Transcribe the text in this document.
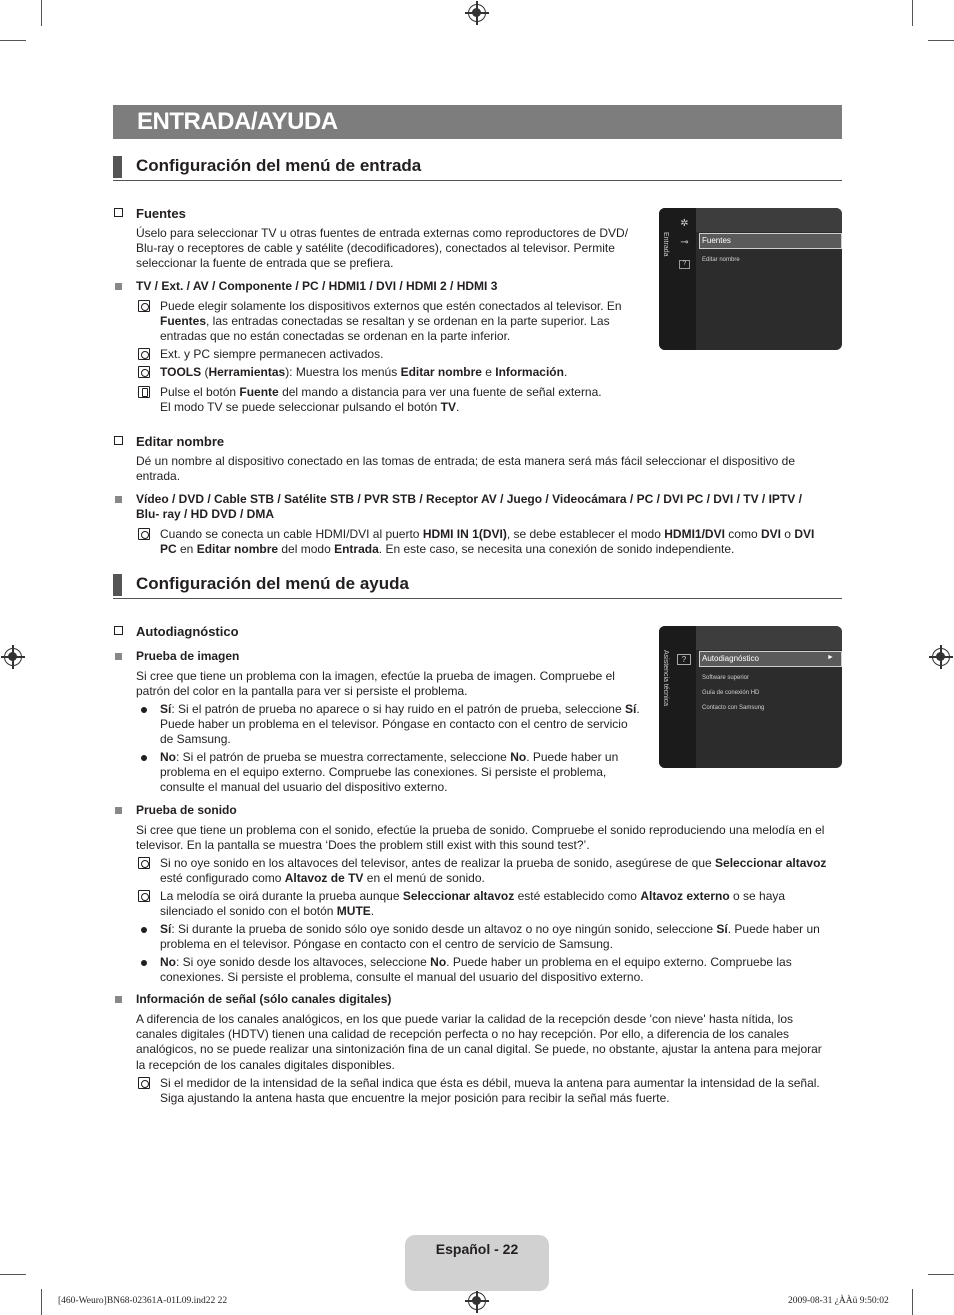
ENTRADA/AYUDA
Configuración del menú de entrada
Fuentes
Úselo para seleccionar TV u otras fuentes de entrada externas como reproductores de DVD/
Blu-ray o receptores de cable y satélite (decodificadores), conectados al televisor. Permite
seleccionar la fuente de entrada que se prefiera.
TV / Ext. / AV / Componente / PC / HDMI1 / DVI / HDMI 2 / HDMI 3
Puede elegir solamente los dispositivos externos que estén conectados al televisor. En
Fuentes, las entradas conectadas se resaltan y se ordenan en la parte superior. Las
entradas que no están conectadas se ordenan en la parte inferior.
Ext. y PC siempre permanecen activados.
TOOLS (Herramientas): Muestra los menús Editar nombre e Información.
Pulse el botón Fuente del mando a distancia para ver una fuente de señal externa.
El modo TV se puede seleccionar pulsando el botón TV.
✲
⊸
?
Entrada	Fuentes
Editar nombre
Editar nombre
Dé un nombre al dispositivo conectado en las tomas de entrada; de esta manera será más fácil seleccionar el dispositivo de
entrada.
Vídeo / DVD / Cable STB / Satélite STB / PVR STB / Receptor AV / Juego / Videocámara / PC / DVI PC / DVI / TV / IPTV /
Blu- ray / HD DVD / DMA
Cuando se conecta un cable HDMI/DVI al puerto HDMI IN 1(DVI), se debe establecer el modo HDMI1/DVI como DVI o DVI
PC en Editar nombre del modo Entrada. En este caso, se necesita una conexión de sonido independiente.
Configuración del menú de ayuda
Autodiagnóstico
Prueba de imagen
Si cree que tiene un problema con la imagen, efectúe la prueba de imagen. Compruebe el
patrón del color en la pantalla para ver si persiste el problema.
Sí: Si el patrón de prueba no aparece o si hay ruido en el patrón de prueba, seleccione Sí.
Puede haber un problema en el televisor. Póngase en contacto con el centro de servicio
de Samsung.
No: Si el patrón de prueba se muestra correctamente, seleccione No. Puede haber un
problema en el equipo externo. Compruebe las conexiones. Si persiste el problema,
consulte el manual del usuario del dispositivo externo.
?
Asistencia técnica	Autodiagnóstico	►
Software superior
Guía de conexión HD
Contacto con Samsung
Prueba de sonido
Si cree que tiene un problema con el sonido, efectúe la prueba de sonido. Compruebe el sonido reproduciendo una melodía en el
televisor. En la pantalla se muestra ‘Does the problem still exist with this sound test?’.
Si no oye sonido en los altavoces del televisor, antes de realizar la prueba de sonido, asegúrese de que Seleccionar altavoz
esté configurado como Altavoz de TV en el menú de sonido.
La melodía se oirá durante la prueba aunque Seleccionar altavoz esté establecido como Altavoz externo o se haya
silenciado el sonido con el botón MUTE.
Sí: Si durante la prueba de sonido sólo oye sonido desde un altavoz o no oye ningún sonido, seleccione Sí. Puede haber un
problema en el televisor. Póngase en contacto con el centro de servicio de Samsung.
No: Si oye sonido desde los altavoces, seleccione No. Puede haber un problema en el equipo externo. Compruebe las
conexiones. Si persiste el problema, consulte el manual del usuario del dispositivo externo.
Información de señal (sólo canales digitales)
A diferencia de los canales analógicos, en los que puede variar la calidad de la recepción desde 'con nieve' hasta nítida, los
canales digitales (HDTV) tienen una calidad de recepción perfecta o no hay recepción. Por ello, a diferencia de los canales
analógicos, no se puede realizar una sintonización fina de un canal digital. Se puede, no obstante, ajustar la antena para mejorar
la recepción de los canales digitales disponibles.
Si el medidor de la intensidad de la señal indica que ésta es débil, mueva la antena para aumentar la intensidad de la señal.
Siga ajustando la antena hasta que encuentre la mejor posición para recibir la señal más fuerte.
Español - 22
[460-Weuro]BN68-02361A-01L09.ind22 22	2009-08-31 ¿ÀÀü 9:50:02
